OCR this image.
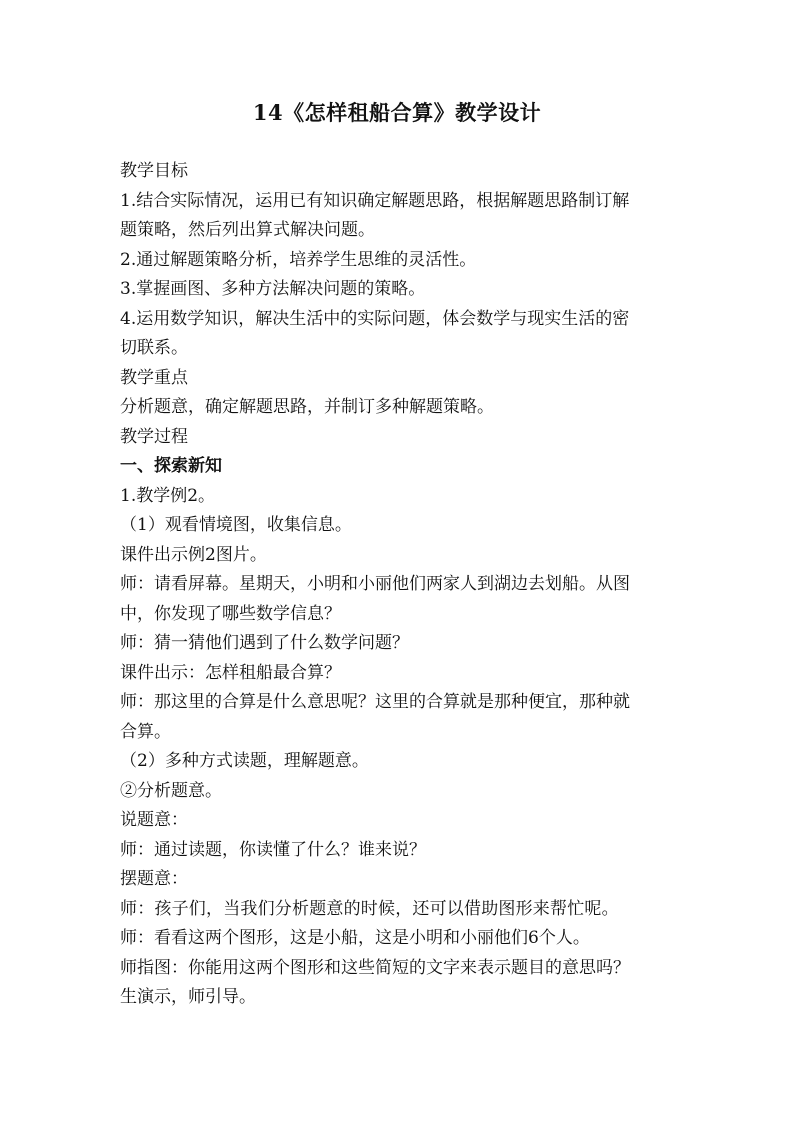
14《怎样租船合算》教学设计
教学目标
1.结合实际情况，运用已有知识确定解题思路，根据解题思路制订解
题策略，然后列出算式解决问题。
2.通过解题策略分析，培养学生思维的灵活性。
3.掌握画图、多种方法解决问题的策略。
4.运用数学知识，解决生活中的实际问题，体会数学与现实生活的密
切联系。
教学重点
分析题意，确定解题思路，并制订多种解题策略。
教学过程
一、探索新知
1.教学例2。
（1）观看情境图，收集信息。
课件出示例2图片。
师：请看屏幕。星期天，小明和小丽他们两家人到湖边去划船。从图
中，你发现了哪些数学信息？
师：猜一猜他们遇到了什么数学问题？
课件出示：怎样租船最合算？
师：那这里的合算是什么意思呢？这里的合算就是那种便宜，那种就
合算。
（2）多种方式读题，理解题意。
②分析题意。
说题意：
师：通过读题，你读懂了什么？谁来说？
摆题意：
师：孩子们，当我们分析题意的时候，还可以借助图形来帮忙呢。
师：看看这两个图形，这是小船，这是小明和小丽他们6个人。
师指图：你能用这两个图形和这些简短的文字来表示题目的意思吗？
生演示，师引导。
